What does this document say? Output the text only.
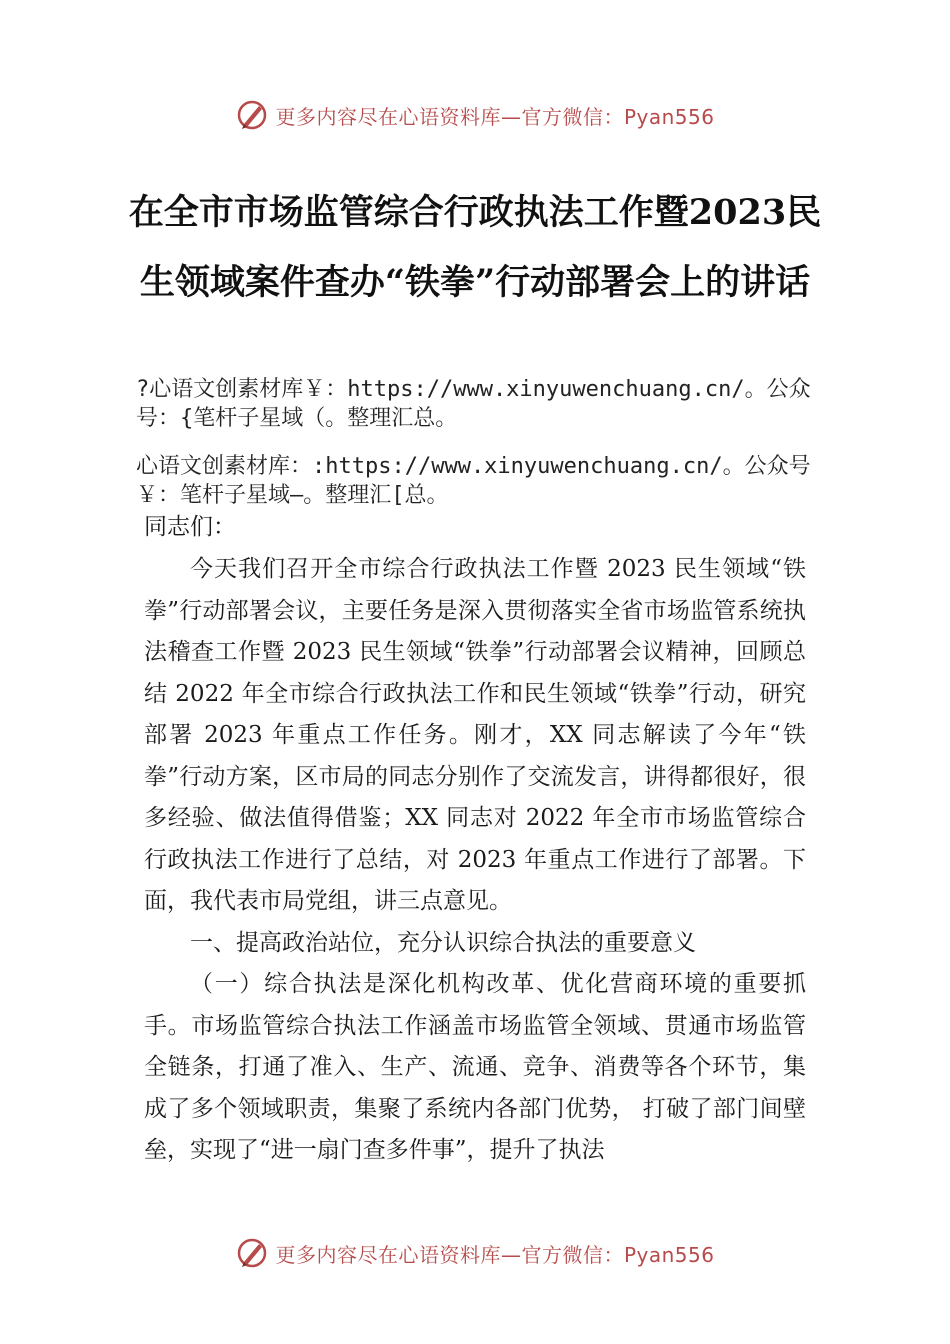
更多内容尽在心语资料库—官方微信：Pyan556
在全市市场监管综合行政执法工作暨2023民生领域案件查办“铁拳”行动部署会上的讲话
?心语文创素材库￥：https://www.xinyuwenchuang.cn/。公众号：{笔杆子星域（。整理汇总。
心语文创素材库：:https://www.xinyuwenchuang.cn/。公众号￥：笔杆子星域—。整理汇[总。
同志们：

今天我们召开全市综合行政执法工作暨 2023 民生领域“铁拳”行动部署会议，主要任务是深入贯彻落实全省市场监管系统执法稽查工作暨 2023 民生领域“铁拳”行动部署会议精神，回顾总结 2022 年全市综合行政执法工作和民生领域“铁拳”行动，研究部署 2023 年重点工作任务。刚才，XX 同志解读了今年“铁拳”行动方案，区市局的同志分别作了交流发言，讲得都很好，很多经验、做法值得借鉴；XX 同志对 2022 年全市市场监管综合行政执法工作进行了总结，对 2023 年重点工作进行了部署。下面，我代表市局党组，讲三点意见。

一、提高政治站位，充分认识综合执法的重要意义

（一）综合执法是深化机构改革、优化营商环境的重要抓手。市场监管综合执法工作涵盖市场监管全领域、贯通市场监管全链条，打通了准入、生产、流通、竞争、消费等各个环节，集成了多个领域职责，集聚了系统内各部门优势， 打破了部门间壁垒，实现了“进一扇门查多件事”，提升了执法

更多内容尽在心语资料库—官方微信：Pyan556
